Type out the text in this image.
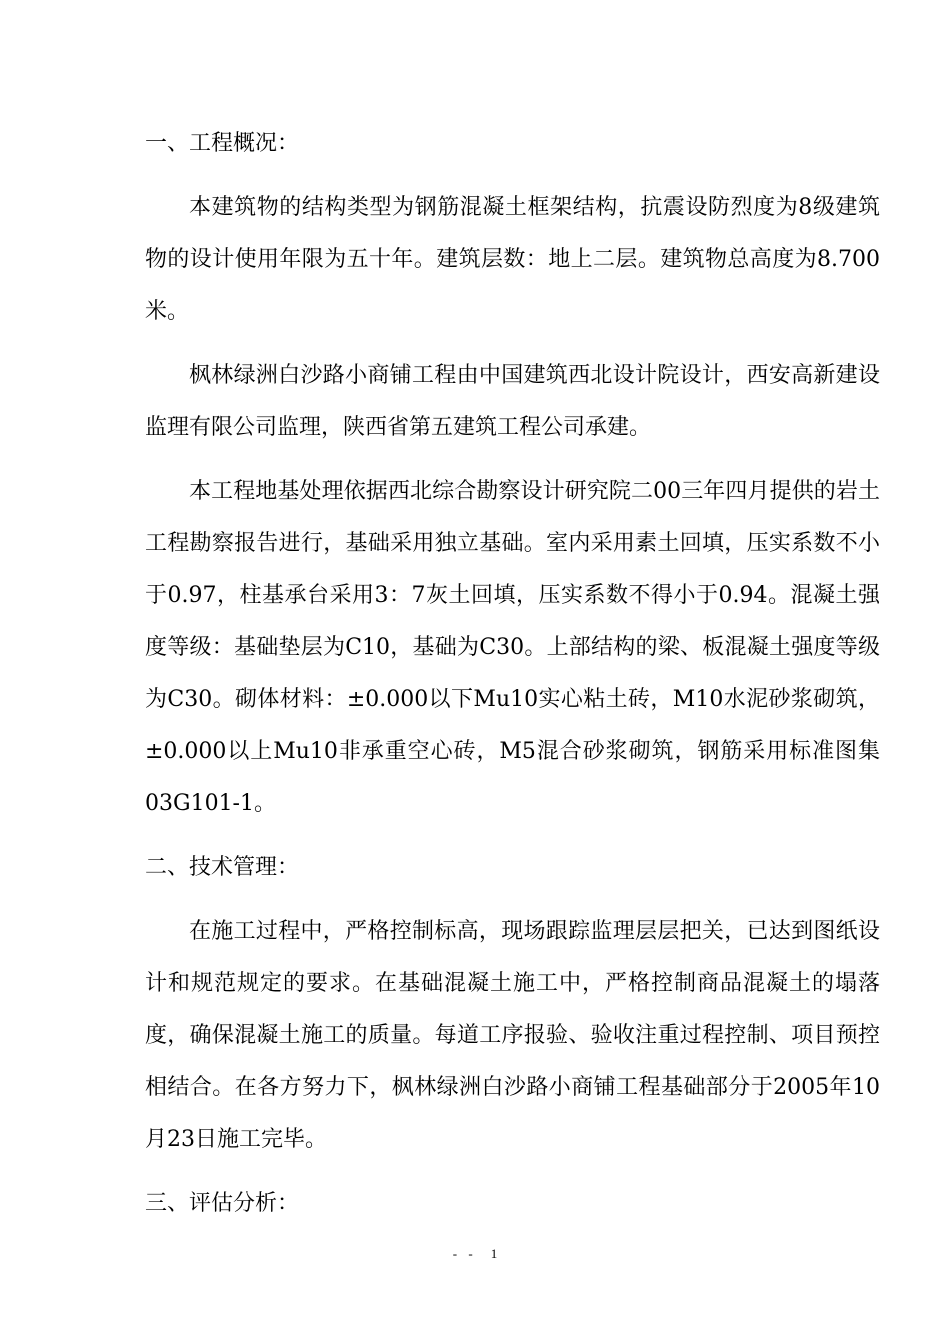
一、工程概况：

本建筑物的结构类型为钢筋混凝土框架结构，抗震设防烈度为8级建筑物的设计使用年限为五十年。建筑层数：地上二层。建筑物总高度为8.700米。

枫林绿洲白沙路小商铺工程由中国建筑西北设计院设计，西安高新建设监理有限公司监理，陕西省第五建筑工程公司承建。

本工程地基处理依据西北综合勘察设计研究院二00三年四月提供的岩土工程勘察报告进行，基础采用独立基础。室内采用素土回填，压实系数不小于0.97，柱基承台采用3：7灰土回填，压实系数不得小于0.94。混凝土强度等级：基础垫层为C10，基础为C30。上部结构的梁、板混凝土强度等级为C30。砌体材料：±0.000以下Mu10实心粘土砖，M10水泥砂浆砌筑，±0.000以上Mu10非承重空心砖，M5混合砂浆砌筑，钢筋采用标准图集03G101-1。

二、技术管理：

在施工过程中，严格控制标高，现场跟踪监理层层把关，已达到图纸设计和规范规定的要求。在基础混凝土施工中，严格控制商品混凝土的塌落度，确保混凝土施工的质量。每道工序报验、验收注重过程控制、项目预控相结合。在各方努力下，枫林绿洲白沙路小商铺工程基础部分于2005年10月23日施工完毕。

三、评估分析：
- - 1
